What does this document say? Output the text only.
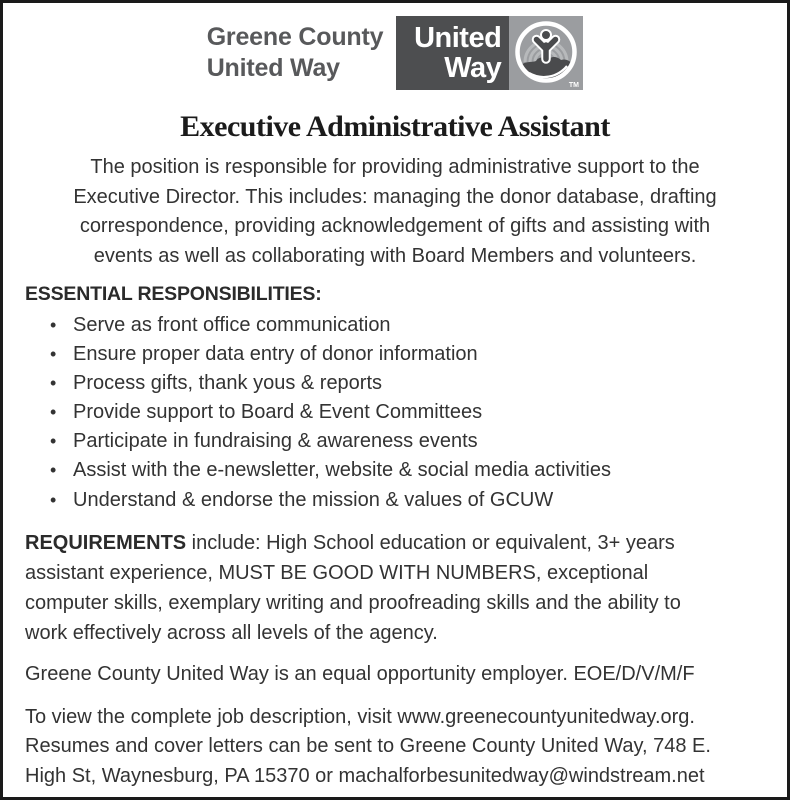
Greene County
United Way
United
Way
TM
Executive Administrative Assistant
The position is responsible for providing administrative support to the
Executive Director. This includes: managing the donor database, drafting
correspondence, providing acknowledgement of gifts and assisting with
events as well as collaborating with Board Members and volunteers.
ESSENTIAL RESPONSIBILITIES:
• Serve as front office communication
• Ensure proper data entry of donor information
• Process gifts, thank yous & reports
• Provide support to Board & Event Committees
• Participate in fundraising & awareness events
• Assist with the e-newsletter, website & social media activities
• Understand & endorse the mission & values of GCUW
REQUIREMENTS include: High School education or equivalent, 3+ years
assistant experience, MUST BE GOOD WITH NUMBERS, exceptional
computer skills, exemplary writing and proofreading skills and the ability to
work effectively across all levels of the agency.
Greene County United Way is an equal opportunity employer. EOE/D/V/M/F
To view the complete job description, visit www.greenecountyunitedway.org.
Resumes and cover letters can be sent to Greene County United Way, 748 E.
High St, Waynesburg, PA 15370 or machalforbesunitedway@windstream.net
